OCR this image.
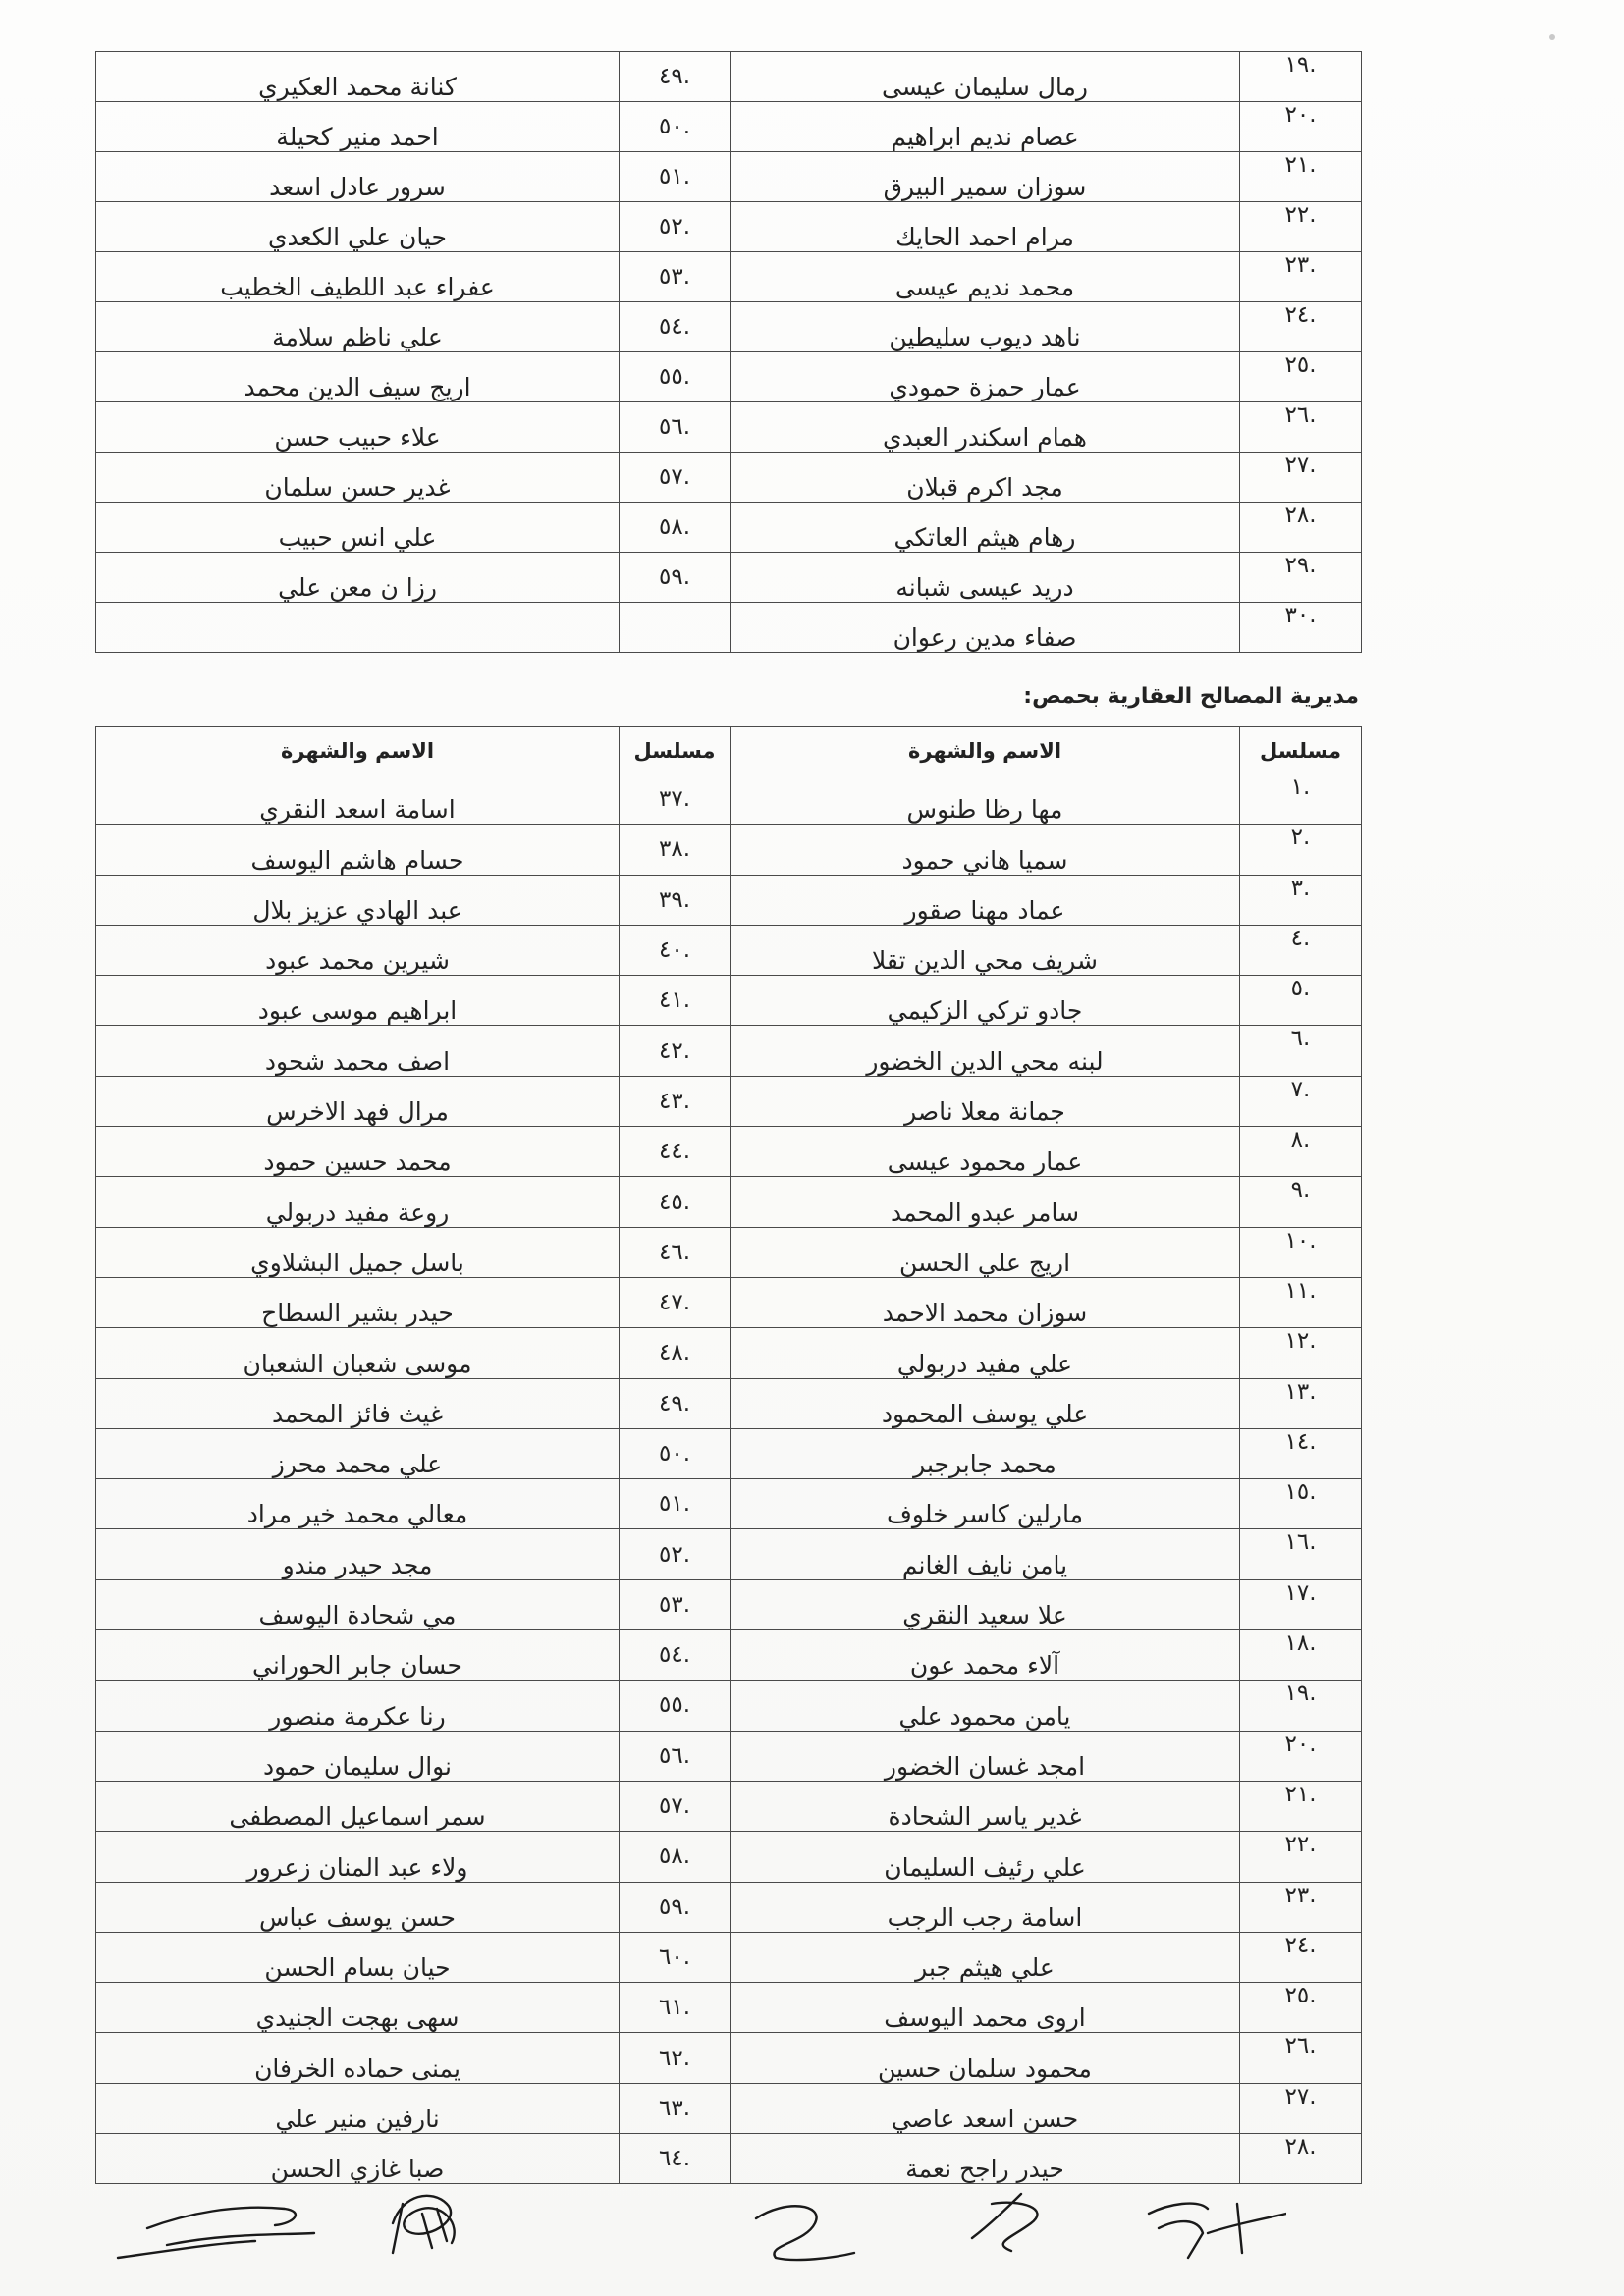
.١٩	رمال سليمان عيسى	.٤٩	كنانة محمد العكيري
.٢٠	عصام نديم ابراهيم	.٥٠	احمد منير كحيلة
.٢١	سوزان سمير البيرق	.٥١	سرور عادل اسعد
.٢٢	مرام احمد الحايك	.٥٢	حيان علي الكعدي
.٢٣	محمد نديم عيسى	.٥٣	عفراء عبد اللطيف الخطيب
.٢٤	ناهد ديوب سليطين	.٥٤	علي ناظم سلامة
.٢٥	عمار حمزة حمودي	.٥٥	اريج سيف الدين محمد
.٢٦	همام اسكندر العبدي	.٥٦	علاء حبيب حسن
.٢٧	مجد اكرم قبلان	.٥٧	غدير حسن سلمان
.٢٨	رهام هيثم العاتكي	.٥٨	علي انس حبيب
.٢٩	دريد عيسى شبانه	.٥٩	رزا ن معن علي
.٣٠	صفاء مدين رعوان		
مديرية المصالح العقارية بحمص:
مسلسل	الاسم والشهرة	مسلسل	الاسم والشهرة
.١	مها رظا طنوس	.٣٧	اسامة اسعد النقري
.٢	سميا هاني حمود	.٣٨	حسام هاشم اليوسف
.٣	عماد مهنا صقور	.٣٩	عبد الهادي عزيز بلال
.٤	شريف محي الدين تقلا	.٤٠	شيرين محمد عبود
.٥	جادو تركي الزكيمي	.٤١	ابراهيم موسى عبود
.٦	لبنه محي الدين الخضور	.٤٢	اصف محمد شحود
.٧	جمانة معلا ناصر	.٤٣	مرال فهد الاخرس
.٨	عمار محمود عيسى	.٤٤	محمد حسين حمود
.٩	سامر عبدو المحمد	.٤٥	روعة مفيد دربولي
.١٠	اريج علي الحسن	.٤٦	باسل جميل البشلاوي
.١١	سوزان محمد الاحمد	.٤٧	حيدر بشير السطاح
.١٢	علي مفيد دربولي	.٤٨	موسى شعبان الشعبان
.١٣	علي يوسف المحمود	.٤٩	غيث فائز المحمد
.١٤	محمد جابرجبر	.٥٠	علي محمد محرز
.١٥	مارلين كاسر خلوف	.٥١	معالي محمد خير مراد
.١٦	يامن نايف الغانم	.٥٢	مجد حيدر مندو
.١٧	علا سعيد النقري	.٥٣	مي شحادة اليوسف
.١٨	آلاء محمد عون	.٥٤	حسان جابر الحوراني
.١٩	يامن محمود علي	.٥٥	رنا عكرمة منصور
.٢٠	امجد غسان الخضور	.٥٦	نوال سليمان حمود
.٢١	غدير ياسر الشحادة	.٥٧	سمر اسماعيل المصطفى
.٢٢	علي رئيف السليمان	.٥٨	ولاء عبد المنان زعرور
.٢٣	اسامة رجب الرجب	.٥٩	حسن يوسف عباس
.٢٤	علي هيثم جبر	.٦٠	حيان بسام الحسن
.٢٥	اروى محمد اليوسف	.٦١	سهى بهجت الجنيدي
.٢٦	محمود سلمان حسين	.٦٢	يمنى حماده الخرفان
.٢٧	حسن اسعد عاصي	.٦٣	نارفين منير علي
.٢٨	حيدر راجح نعمة	.٦٤	صبا غازي الحسن
